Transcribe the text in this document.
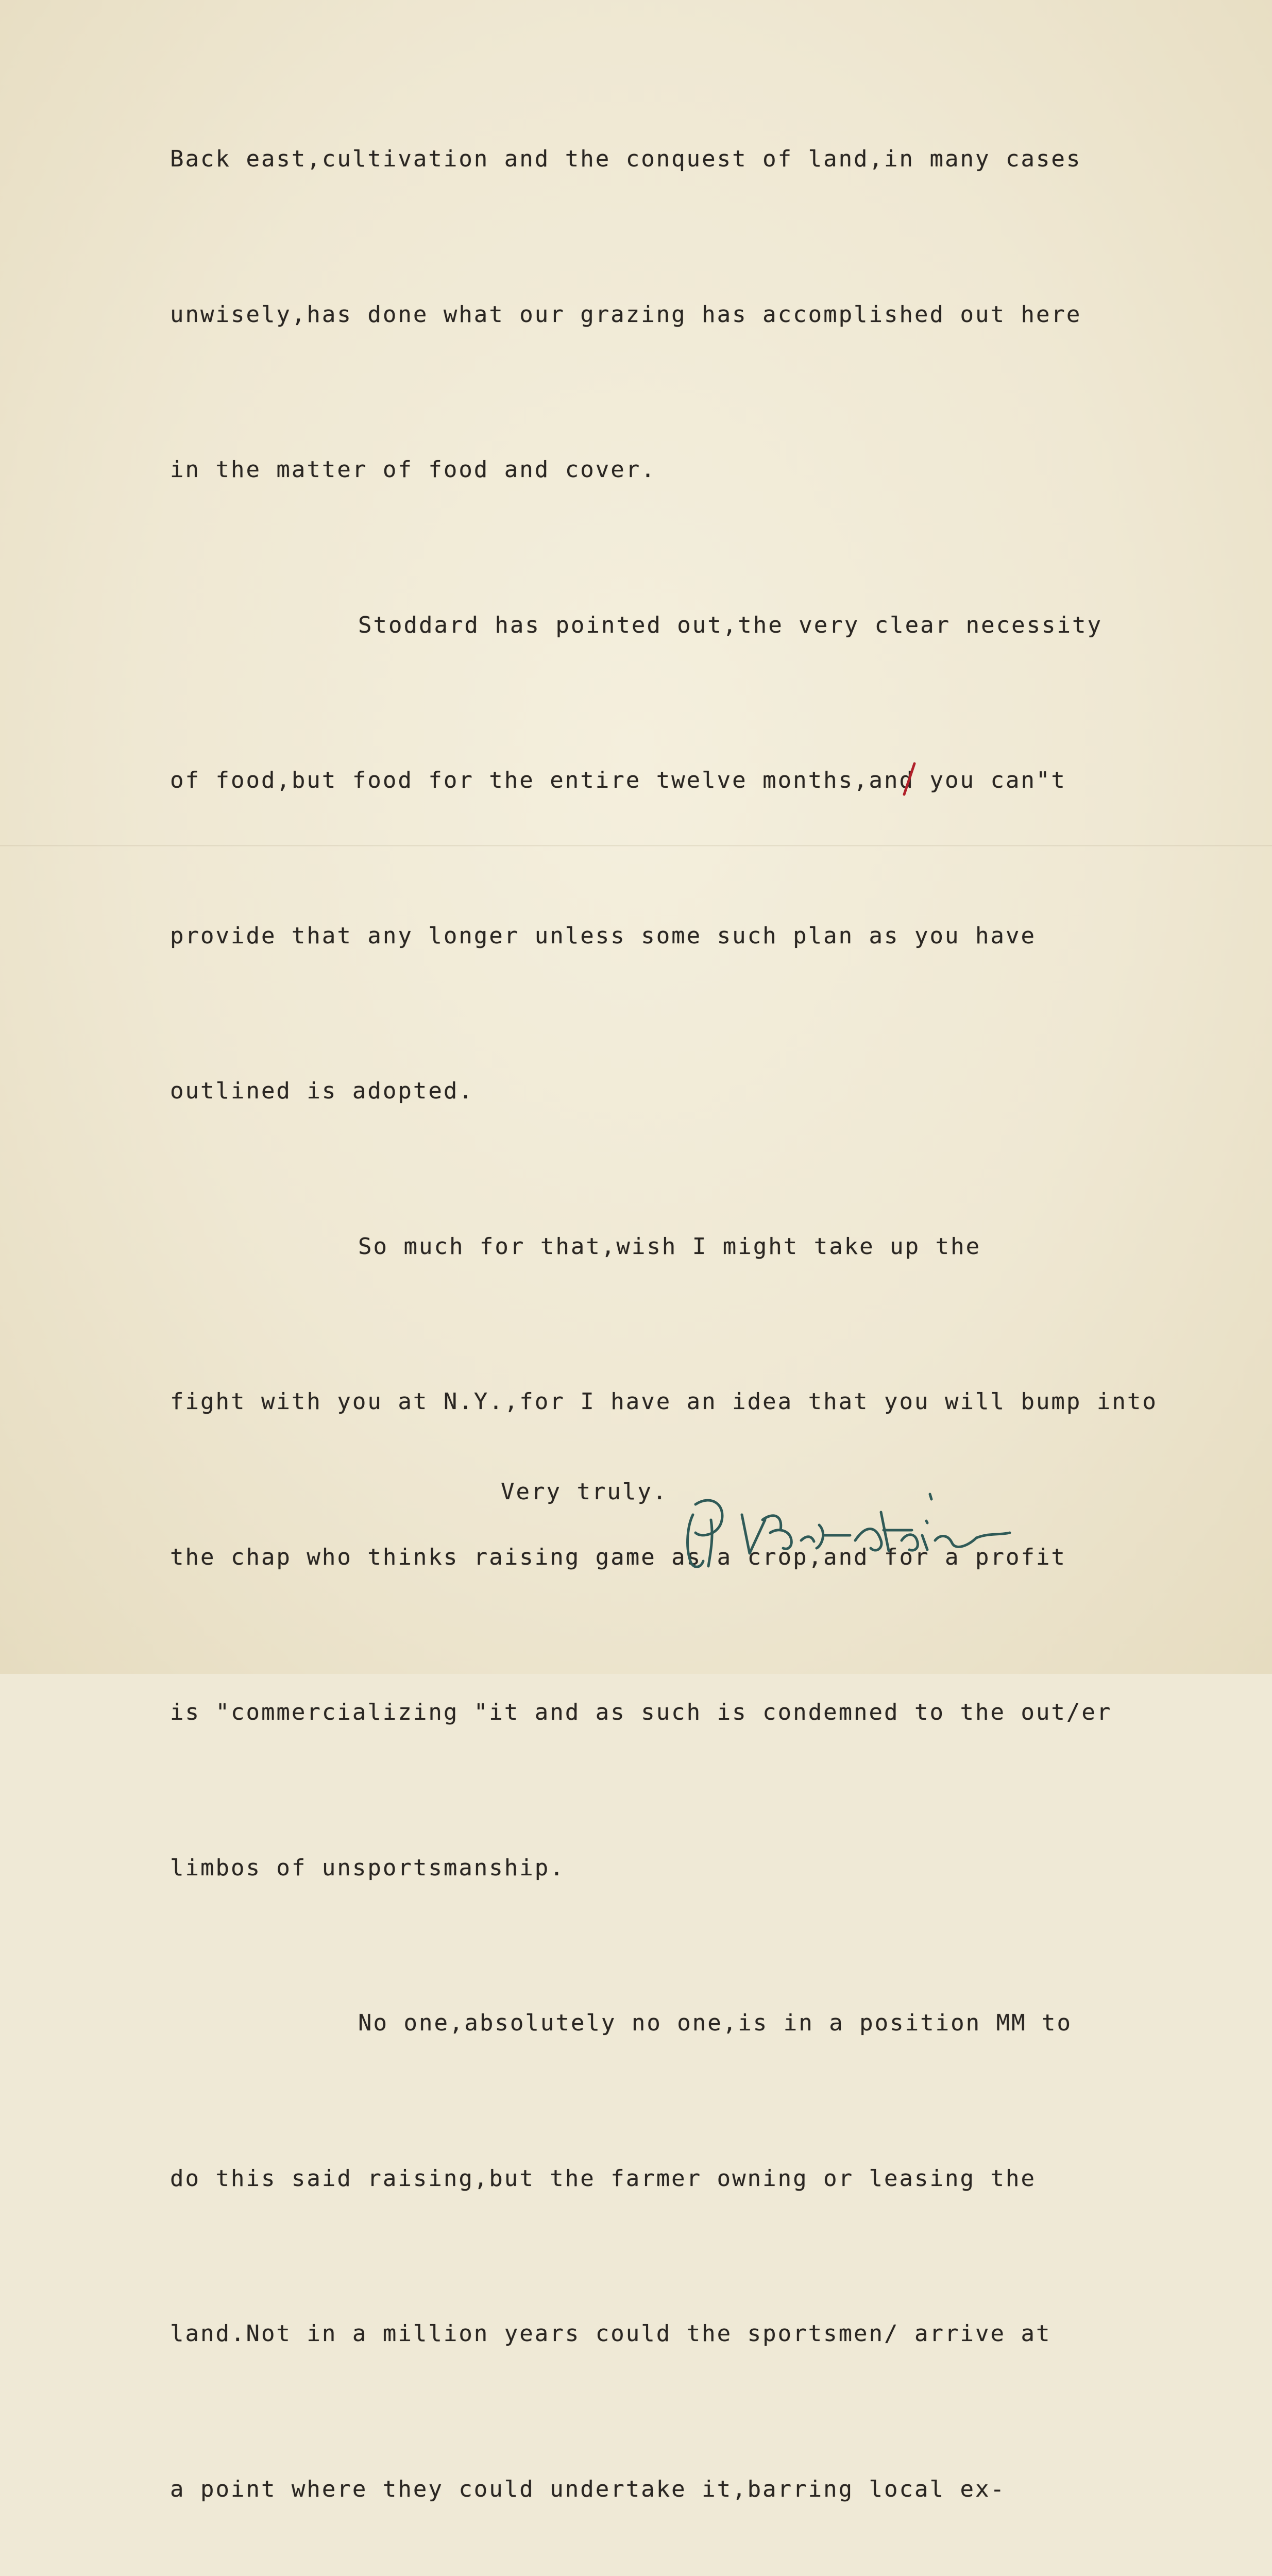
Back east,cultivation and the conquest of land,in many cases

unwisely,has done what our grazing has accomplished out here

in the matter of food and cover.

Stoddard has pointed out,the very clear necessity

of food,but food for the entire twelve months,and you can"t

provide that any longer unless some such plan as you have

outlined is adopted.

So much for that,wish I might take up the

fight with you at N.Y.,for I have an idea that you will bump into

the chap who thinks raising game as a crop,and for a profit

is "commercializing "it and as such is condemned to the out/er

limbos of unsportsmanship.

No one,absolutely no one,is in a position MM to

do this said raising,but the farmer owning or leasing the

land.Not in a million years could the sportsmen/ arrive at

a point where they could undertake it,barring local ex-

Very truly.
